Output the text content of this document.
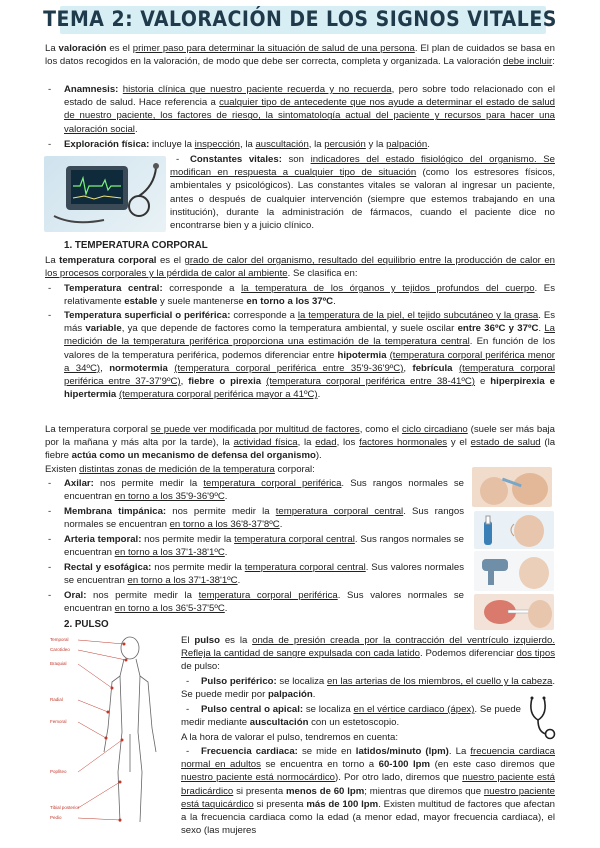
TEMA 2: VALORACIÓN DE LOS SIGNOS VITALES
La valoración es el primer paso para determinar la situación de salud de una persona. El plan de cuidados se basa en los datos recogidos en la valoración, de modo que debe ser correcta, completa y organizada. La valoración debe incluir:
- Anamnesis: historia clínica que nuestro paciente recuerda y no recuerda, pero sobre todo relacionado con el estado de salud. Hace referencia a cualquier tipo de antecedente que nos ayude a determinar el estado de salud de nuestro paciente, los factores de riesgo, la sintomatología actual del paciente y recursos para hacer una valoración social.
- Exploración física: incluye la inspección, la auscultación, la percusión y la palpación.
-	Constantes vitales: son indicadores del estado fisiológico del organismo. Se modifican en respuesta a cualquier tipo de situación (como los estresores físicos, ambientales y psicológicos). Las constantes vitales se valoran al ingresar un paciente, antes o después de cualquier intervención (siempre que estemos trabajando en una institución), durante la administración de fármacos, cuando el paciente dice no encontrarse bien y a juicio clínico.
1. TEMPERATURA CORPORAL
La temperatura corporal es el grado de calor del organismo, resultado del equilibrio entre la producción de calor en los procesos corporales y la pérdida de calor al ambiente. Se clasifica en:
- Temperatura central: corresponde a la temperatura de los órganos y tejidos profundos del cuerpo. Es relativamente estable y suele mantenerse en torno a los 37ºC.
- Temperatura superficial o periférica: corresponde a la temperatura de la piel, el tejido subcutáneo y la grasa. Es más variable, ya que depende de factores como la temperatura ambiental, y suele oscilar entre 36ºC y 37ºC. La medición de la temperatura periférica proporciona una estimación de la temperatura central. En función de los valores de la temperatura periférica, podemos diferenciar entre hipotermia (temperatura corporal periférica menor a 34ºC), normotermia (temperatura corporal periférica entre 35'9-36'9ºC), febrícula (temperatura corporal periférica entre 37-37'9ºC), fiebre o pirexia (temperatura corporal periférica entre 38-41ºC) e hiperpirexia e hipertermia (temperatura corporal periférica mayor a 41ºC).
La temperatura corporal se puede ver modificada por multitud de factores, como el ciclo circadiano (suele ser más baja por la mañana y más alta por la tarde), la actividad física, la edad, los factores hormonales y el estado de salud (la fiebre actúa como un mecanismo de defensa del organismo).
Existen distintas zonas de medición de la temperatura corporal:
- Axilar: nos permite medir la temperatura corporal periférica. Sus rangos normales se encuentran en torno a los 35'9-36'9ºC.
- Membrana timpánica: nos permite medir la temperatura corporal central. Sus rangos normales se encuentran en torno a los 36'8-37'8ºC.
- Arteria temporal: nos permite medir la temperatura corporal central. Sus rangos normales se encuentran en torno a los 37'1-38'1ºC.
- Rectal y esofágica: nos permite medir la temperatura corporal central. Sus valores normales se encuentran en torno a los 37'1-38'1ºC.
- Oral: nos permite medir la temperatura corporal periférica. Sus valores normales se encuentran en torno a los 36'5-37'5ºC.
2. PULSO
Temporal
Carotídeo
Braquial
Radial
Femoral
Poplíteo
Tibial posterior
Pedio
El pulso es la onda de presión creada por la contracción del ventrículo izquierdo. Refleja la cantidad de sangre expulsada con cada latido. Podemos diferenciar dos tipos de pulso:
-	Pulso periférico: se localiza en las arterias de los miembros, el cuello y la cabeza. Se puede medir por palpación.
-	Pulso central o apical: se localiza en el vértice cardiaco (ápex). Se puede medir mediante auscultación con un estetoscopio.
A la hora de valorar el pulso, tendremos en cuenta:
-	Frecuencia cardiaca: se mide en latidos/minuto (lpm). La frecuencia cardiaca normal en adultos se encuentra en torno a 60-100 lpm (en este caso diremos que nuestro paciente está normocárdico). Por otro lado, diremos que nuestro paciente está bradicárdico si presenta menos de 60 lpm; mientras que diremos que nuestro paciente está taquicárdico si presenta más de 100 lpm. Existen multitud de factores que afectan a la frecuencia cardiaca como la edad (a menor edad, mayor frecuencia cardiaca), el sexo (las mujeres
